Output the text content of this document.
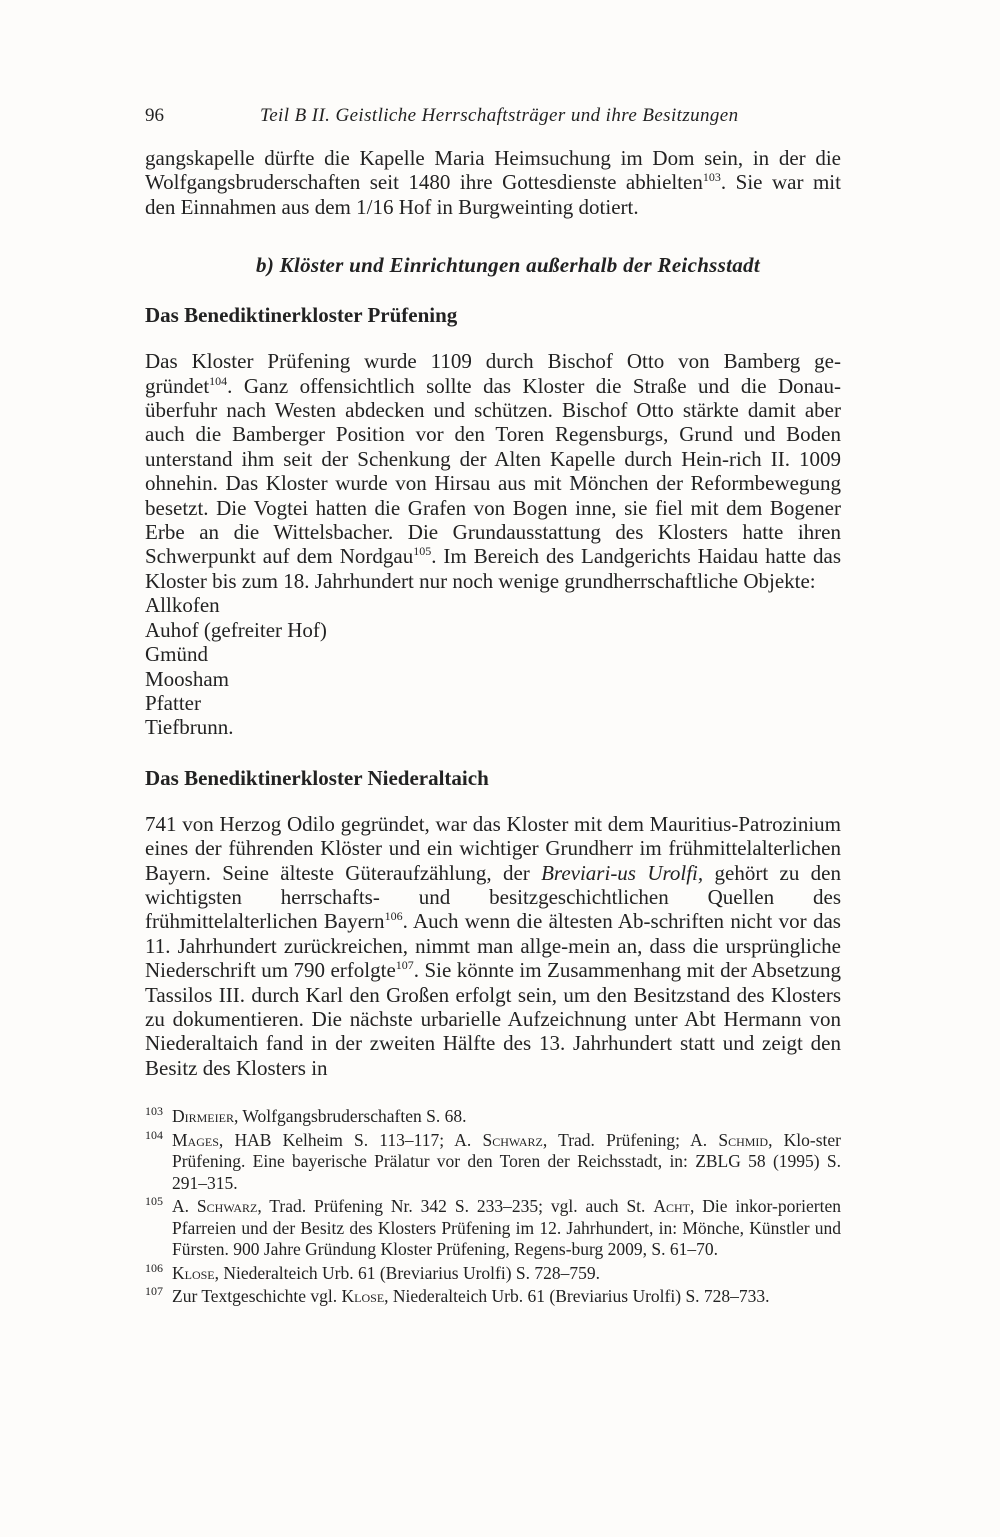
96	Teil B II. Geistliche Herrschaftsträger und ihre Besitzungen

gangskapelle dürfte die Kapelle Maria Heimsuchung im Dom sein, in der die Wolfgangsbruderschaften seit 1480 ihre Gottesdienste abhielten$^{103}$. Sie war mit den Einnahmen aus dem 1/16 Hof in Burgweinting dotiert.

b) Klöster und Einrichtungen außerhalb der Reichsstadt
Das Benediktinerkloster Prüfening

Das Kloster Prüfening wurde 1109 durch Bischof Otto von Bamberg ge-gründet$^{104}$. Ganz offensichtlich sollte das Kloster die Straße und die Donau-überfuhr nach Westen abdecken und schützen. Bischof Otto stärkte damit aber auch die Bamberger Position vor den Toren Regensburgs, Grund und Boden unterstand ihm seit der Schenkung der Alten Kapelle durch Hein-rich II. 1009 ohnehin. Das Kloster wurde von Hirsau aus mit Mönchen der Reformbewegung besetzt. Die Vogtei hatten die Grafen von Bogen inne, sie fiel mit dem Bogener Erbe an die Wittelsbacher. Die Grundausstattung des Klosters hatte ihren Schwerpunkt auf dem Nordgau$^{105}$. Im Bereich des Landgerichts Haidau hatte das Kloster bis zum 18. Jahrhundert nur noch wenige grundherrschaftliche Objekte:

Allkofen
Auhof (gefreiter Hof)
Gmünd
Moosham
Pfatter
Tiefbrunn.
Das Benediktinerkloster Niederaltaich

741 von Herzog Odilo gegründet, war das Kloster mit dem Mauritius-Patrozinium eines der führenden Klöster und ein wichtiger Grundherr im frühmittelalterlichen Bayern. Seine älteste Güteraufzählung, der Breviari-us Urolfi, gehört zu den wichtigsten herrschafts- und besitzgeschichtlichen Quellen des frühmittelalterlichen Bayern$^{106}$. Auch wenn die ältesten Ab-schriften nicht vor das 11. Jahrhundert zurückreichen, nimmt man allge-mein an, dass die ursprüngliche Niederschrift um 790 erfolgte$^{107}$. Sie könnte im Zusammenhang mit der Absetzung Tassilos III. durch Karl den Großen erfolgt sein, um den Besitzstand des Klosters zu dokumentieren. Die nächste urbarielle Aufzeichnung unter Abt Hermann von Niederaltaich fand in der zweiten Hälfte des 13. Jahrhundert statt und zeigt den Besitz des Klosters in

103 Dirmeier, Wolfgangsbruderschaften S. 68.

104 Mages, HAB Kelheim S. 113–117; A. Schwarz, Trad. Prüfening; A. Schmid, Klo-ster Prüfening. Eine bayerische Prälatur vor den Toren der Reichsstadt, in: ZBLG 58 (1995) S. 291–315.

105 A. Schwarz, Trad. Prüfening Nr. 342 S. 233–235; vgl. auch St. Acht, Die inkor-porierten Pfarreien und der Besitz des Klosters Prüfening im 12. Jahrhundert, in: Mönche, Künstler und Fürsten. 900 Jahre Gründung Kloster Prüfening, Regens-burg 2009, S. 61–70.

106 Klose, Niederalteich Urb. 61 (Breviarius Urolfi) S. 728–759.

107 Zur Textgeschichte vgl. Klose, Niederalteich Urb. 61 (Breviarius Urolfi) S. 728–733.
